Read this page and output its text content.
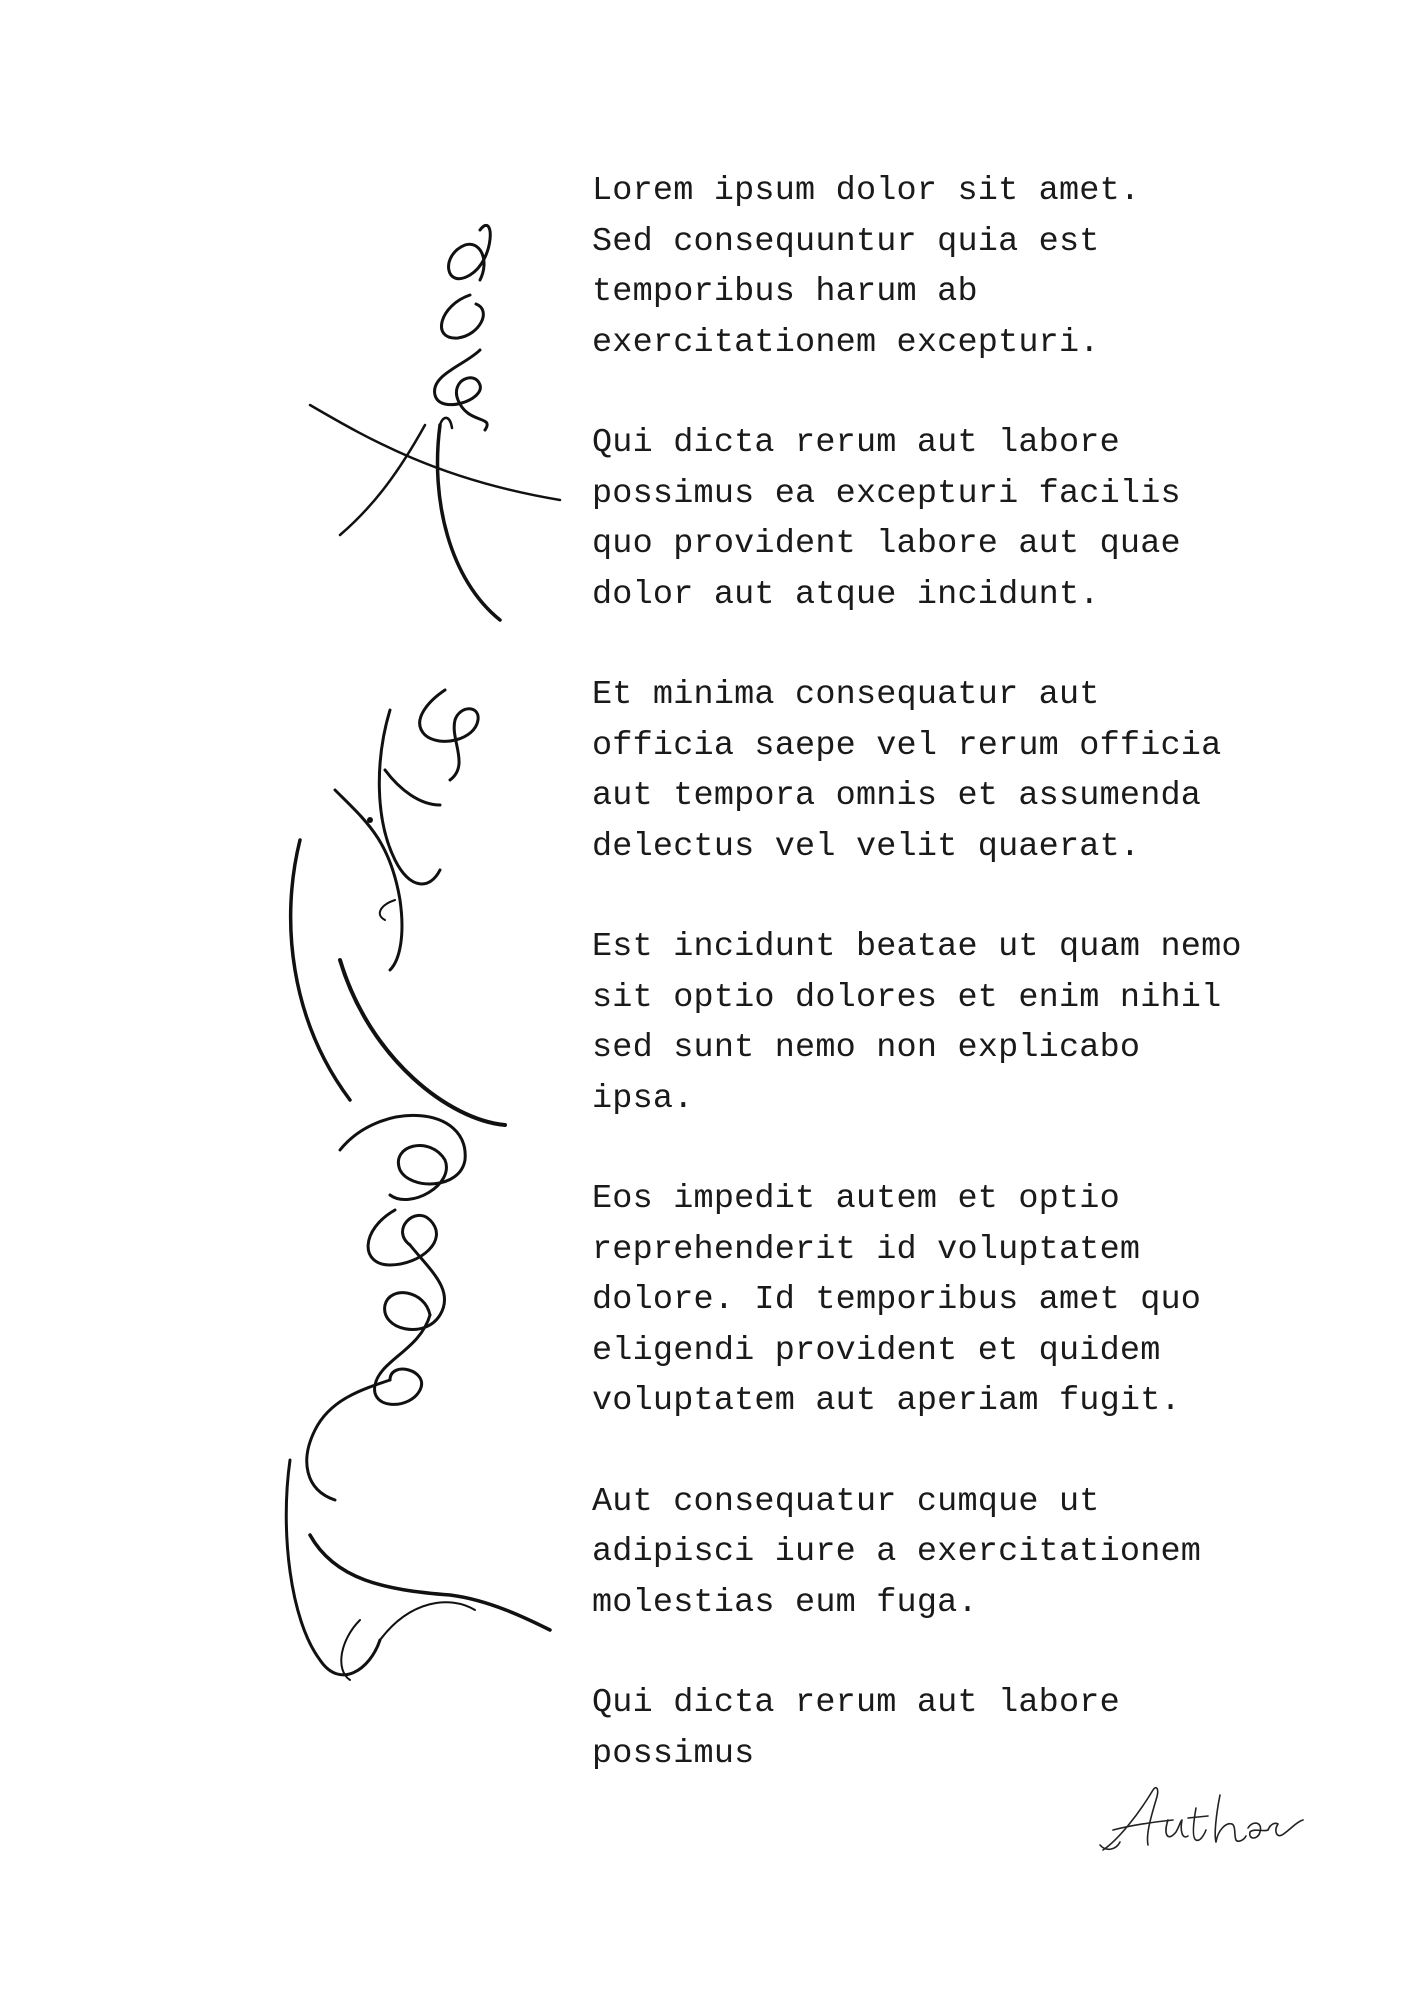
Lorem ipsum dolor sit amet.
Sed consequuntur quia est
temporibus harum ab
exercitationem excepturi.
Qui dicta rerum aut labore
possimus ea excepturi facilis
quo provident labore aut quae
dolor aut atque incidunt.
Et minima consequatur aut
officia saepe vel rerum officia
aut tempora omnis et assumenda
delectus vel velit quaerat.
Est incidunt beatae ut quam nemo
sit optio dolores et enim nihil
sed sunt nemo non explicabo
ipsa.
Eos impedit autem et optio
reprehenderit id voluptatem
dolore. Id temporibus amet quo
eligendi provident et quidem
voluptatem aut aperiam fugit.
Aut consequatur cumque ut
adipisci iure a exercitationem
molestias eum fuga.
Qui dicta rerum aut labore
possimus
